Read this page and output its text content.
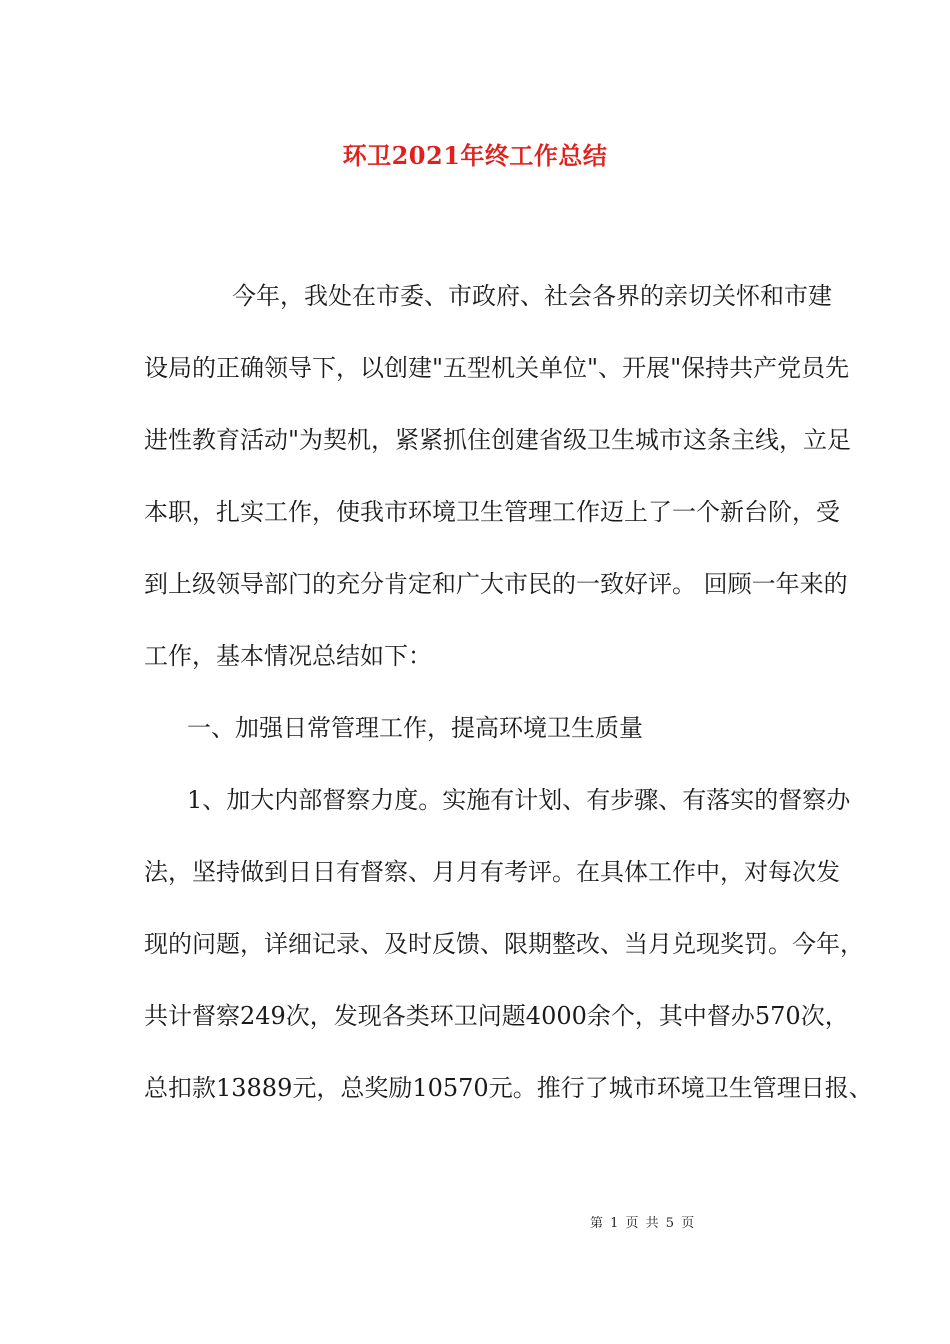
环卫2021年终工作总结

今年，我处在市委、市政府、社会各界的亲切关怀和市建

设局的正确领导下，以创建"五型机关单位"、开展"保持共产党员先

进性教育活动"为契机，紧紧抓住创建省级卫生城市这条主线，立足

本职，扎实工作，使我市环境卫生管理工作迈上了一个新台阶，受

到上级领导部门的充分肯定和广大市民的一致好评。 回顾一年来的

工作，基本情况总结如下：

一、加强日常管理工作，提高环境卫生质量

1、加大内部督察力度。实施有计划、有步骤、有落实的督察办

法，坚持做到日日有督察、月月有考评。在具体工作中，对每次发

现的问题，详细记录、及时反馈、限期整改、当月兑现奖罚。今年，

共计督察249次，发现各类环卫问题4000余个，其中督办570次，

总扣款13889元，总奖励10570元。推行了城市环境卫生管理日报、

第 1 页 共 5 页
